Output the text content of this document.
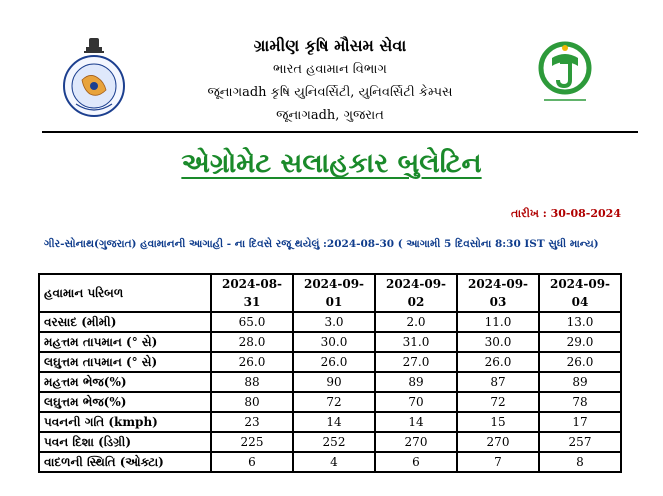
ગ્રામીણ કૃષિ મૌસમ સેવા
ભારત હવામાન વિભાગ
જૂનાગadh કૃષિ યુનિવર્સિટી, યુનિવર્સિટી કેમ્પસ
જૂનાગadh, ગુજરાત
એગ્રોમેટ સલાહકાર બુલેટિન
તારીખ : 30-08-2024
ગીર-સોનાથ(ગુજરાત) હવામાનની આગાહી - ના દિવસે રજૂ થયેલું :2024-08-30 ( આગામી 5 દિવસોના 8:30 IST સુધી માન્ય)
હવામાન પરિબળ	2024-08-31	2024-09-01	2024-09-02	2024-09-03	2024-09-04
વરસાદ (મીમી)	65.0	3.0	2.0	11.0	13.0
મહત્તમ તાપમાન (° સે)	28.0	30.0	31.0	30.0	29.0
લઘુત્તમ તાપમાન (° સે)	26.0	26.0	27.0	26.0	26.0
મહત્તમ ભેજ(%)	88	90	89	87	89
લઘુત્તમ ભેજ(%)	80	72	70	72	78
પવનની ગતિ (kmph)	23	14	14	15	17
પવન દિશા (ડિગ્રી)	225	252	270	270	257
વાદળની સ્થિતિ (ઓક્ટા)	6	4	6	7	8
